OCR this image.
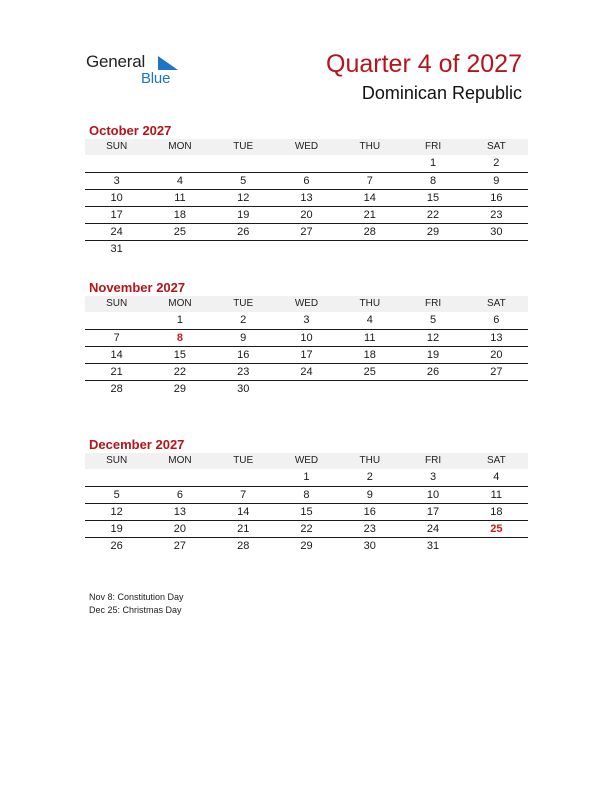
General
Blue
Quarter 4 of 2027
Dominican Republic
October 2027
SUN	MON	TUE	WED	THU	FRI	SAT
					1	2
3	4	5	6	7	8	9
10	11	12	13	14	15	16
17	18	19	20	21	22	23
24	25	26	27	28	29	30
31						
November 2027
SUN	MON	TUE	WED	THU	FRI	SAT
	1	2	3	4	5	6
7	8	9	10	11	12	13
14	15	16	17	18	19	20
21	22	23	24	25	26	27
28	29	30				
December 2027
SUN	MON	TUE	WED	THU	FRI	SAT
			1	2	3	4
5	6	7	8	9	10	11
12	13	14	15	16	17	18
19	20	21	22	23	24	25
26	27	28	29	30	31	
Nov 8: Constitution Day
Dec 25: Christmas Day
